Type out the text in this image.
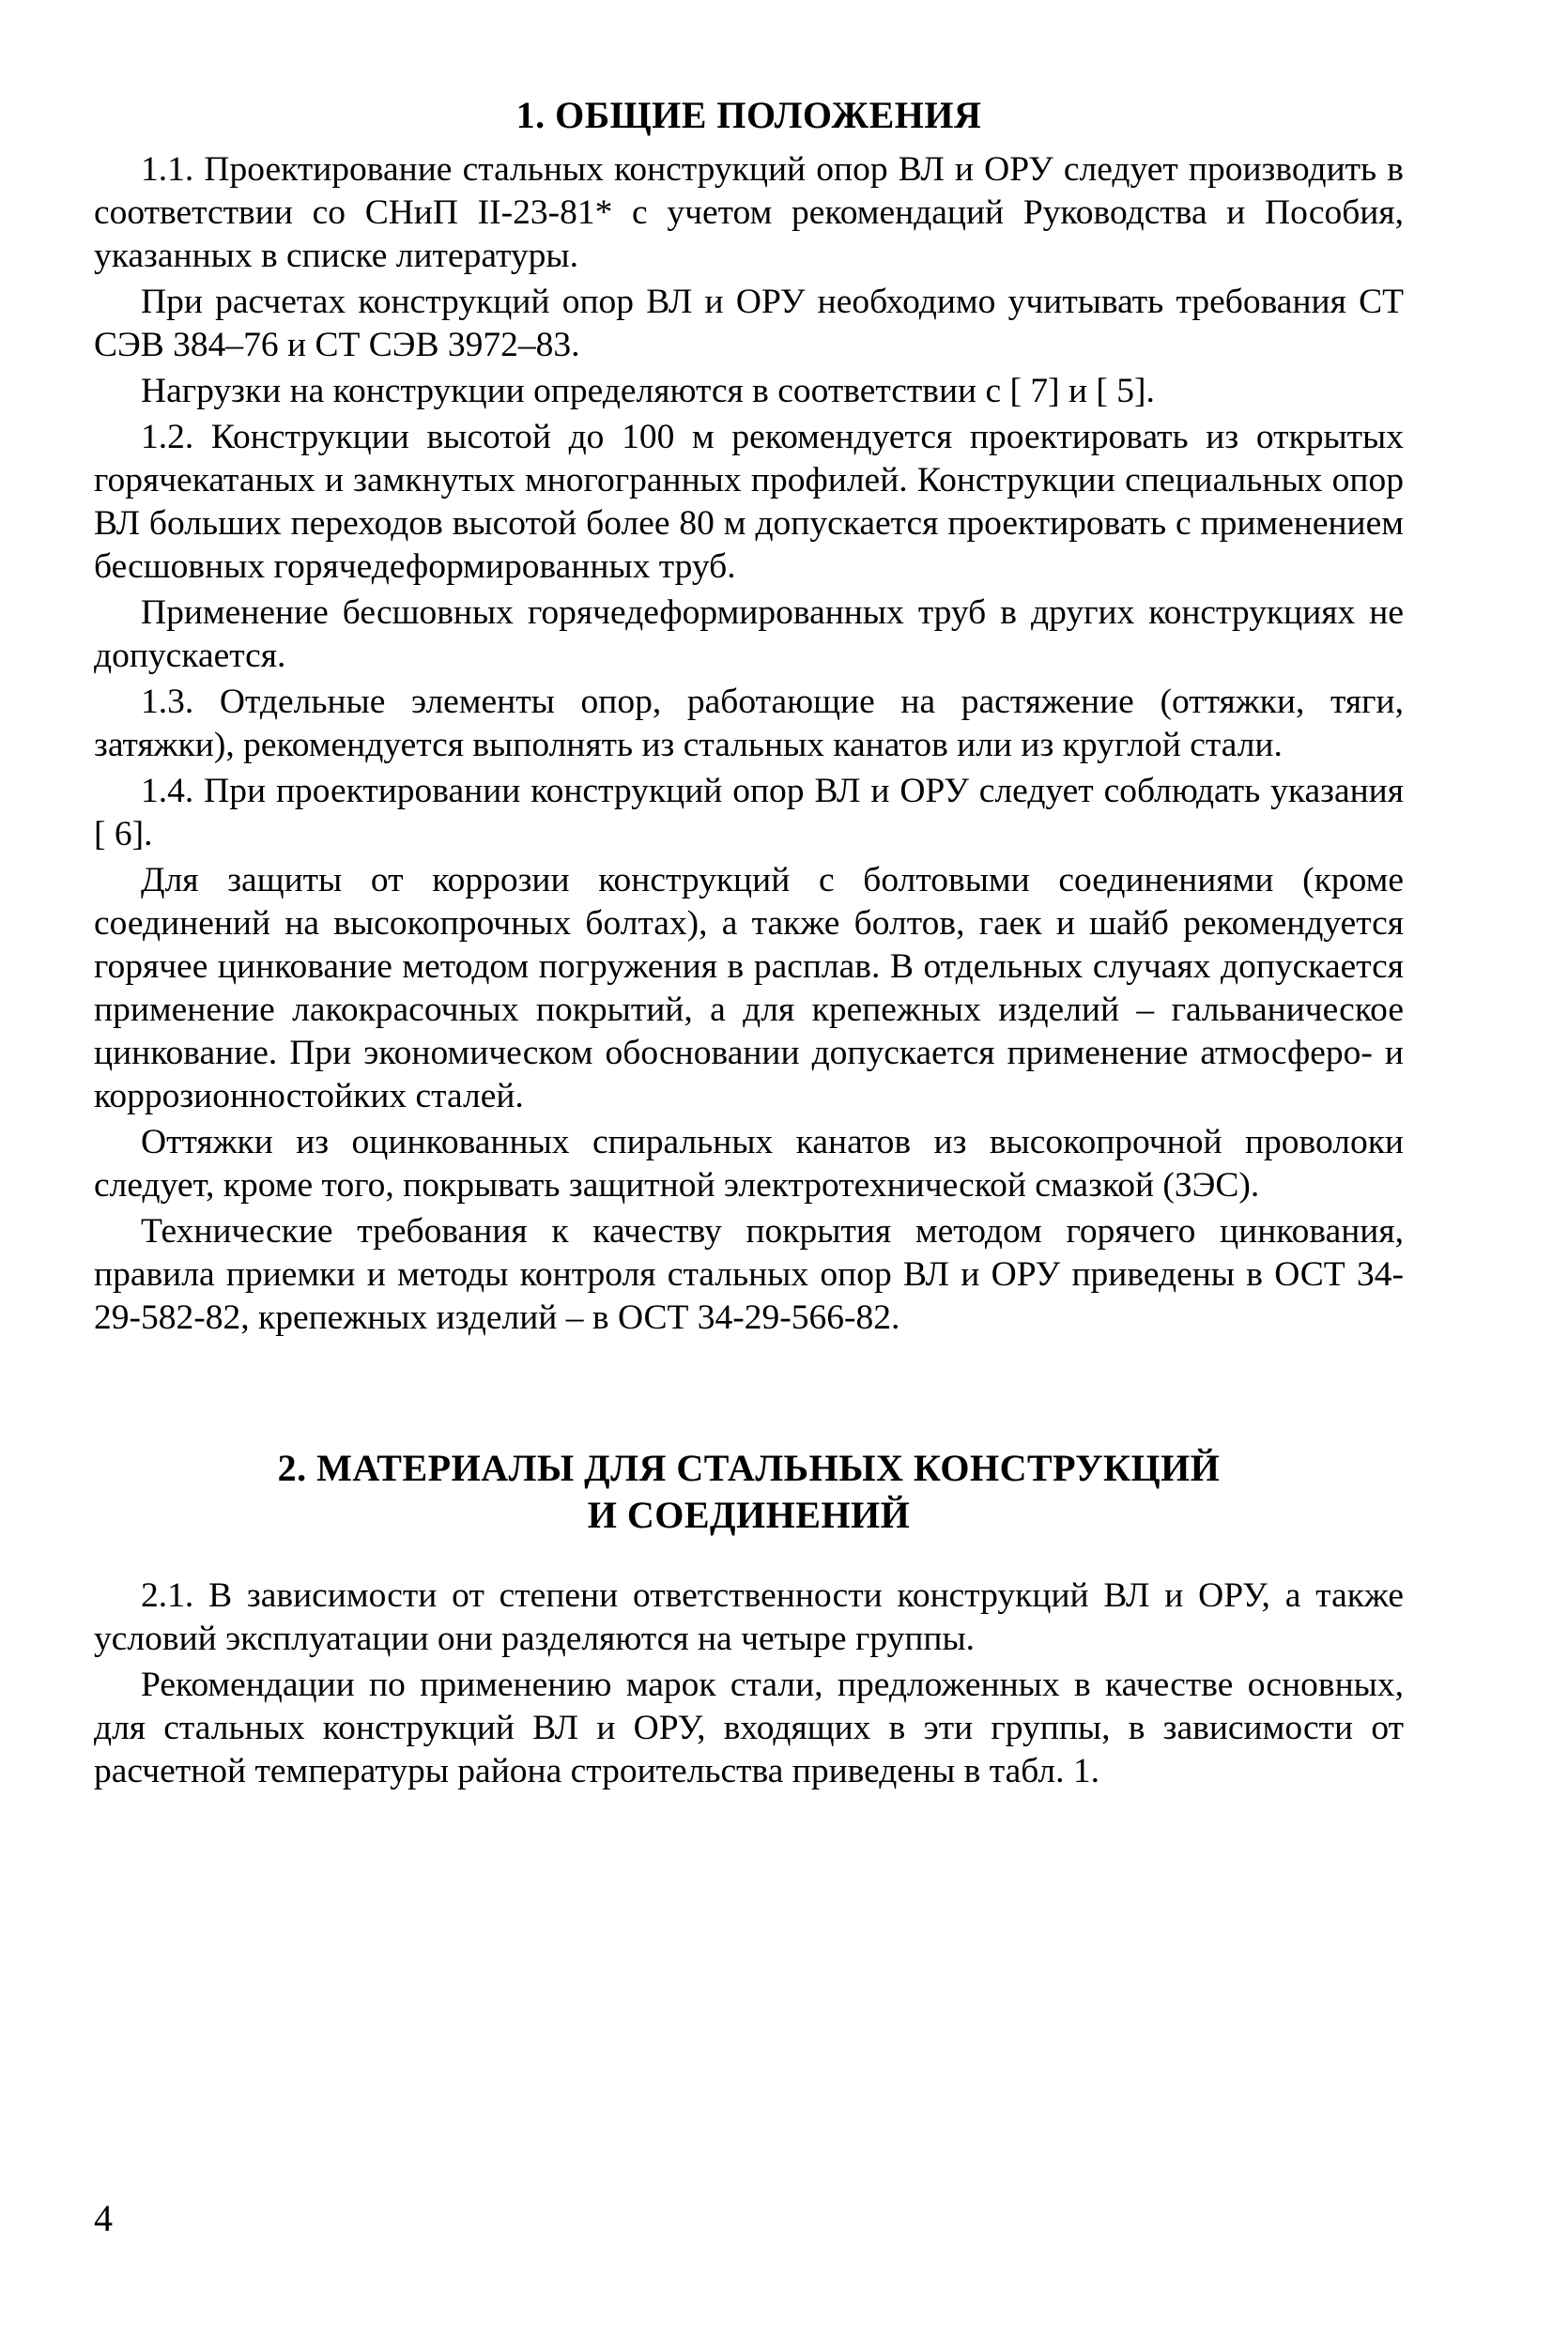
1. ОБЩИЕ ПОЛОЖЕНИЯ

1.1. Проектирование стальных конструкций опор ВЛ и ОРУ следует производить в соответствии со СНиП II-23-81* с учетом рекомендаций Руководства и Пособия, указанных в списке литературы.

При расчетах конструкций опор ВЛ и ОРУ необходимо учитывать требования СТ СЭВ 384–76 и СТ СЭВ 3972–83.

Нагрузки на конструкции определяются в соответствии с [ 7] и [ 5].

1.2. Конструкции высотой до 100 м рекомендуется проектировать из открытых горячекатаных и замкнутых многогранных профилей. Конструкции специальных опор ВЛ больших переходов высотой более 80 м допускается проектировать с применением бесшовных горячедеформированных труб.

Применение бесшовных горячедеформированных труб в других конструкциях не допускается.

1.3. Отдельные элементы опор, работающие на растяжение (оттяжки, тяги, затяжки), рекомендуется выполнять из стальных канатов или из круглой стали.

1.4. При проектировании конструкций опор ВЛ и ОРУ следует соблюдать указания [ 6].

Для защиты от коррозии конструкций с болтовыми соединениями (кроме соединений на высокопрочных болтах), а также болтов, гаек и шайб рекомендуется горячее цинкование методом погружения в расплав. В отдельных случаях допускается применение лакокрасочных покрытий, а для крепежных изделий – гальваническое цинкование. При экономическом обосновании допускается применение атмосферо- и коррозионностойких сталей.

Оттяжки из оцинкованных спиральных канатов из высокопрочной проволоки следует, кроме того, покрывать защитной электротехнической смазкой (ЗЭС).

Технические требования к качеству покрытия методом горячего цинкования, правила приемки и методы контроля стальных опор ВЛ и ОРУ приведены в ОСТ 34-29-582-82, крепежных изделий – в ОСТ 34-29-566-82.

2. МАТЕРИАЛЫ ДЛЯ СТАЛЬНЫХ КОНСТРУКЦИЙ
И СОЕДИНЕНИЙ

2.1. В зависимости от степени ответственности конструкций ВЛ и ОРУ, а также условий эксплуатации они разделяются на четыре группы.

Рекомендации по применению марок стали, предложенных в качестве основных, для стальных конструкций ВЛ и ОРУ, входящих в эти группы, в зависимости от расчетной температуры района строительства приведены в табл. 1.

4
